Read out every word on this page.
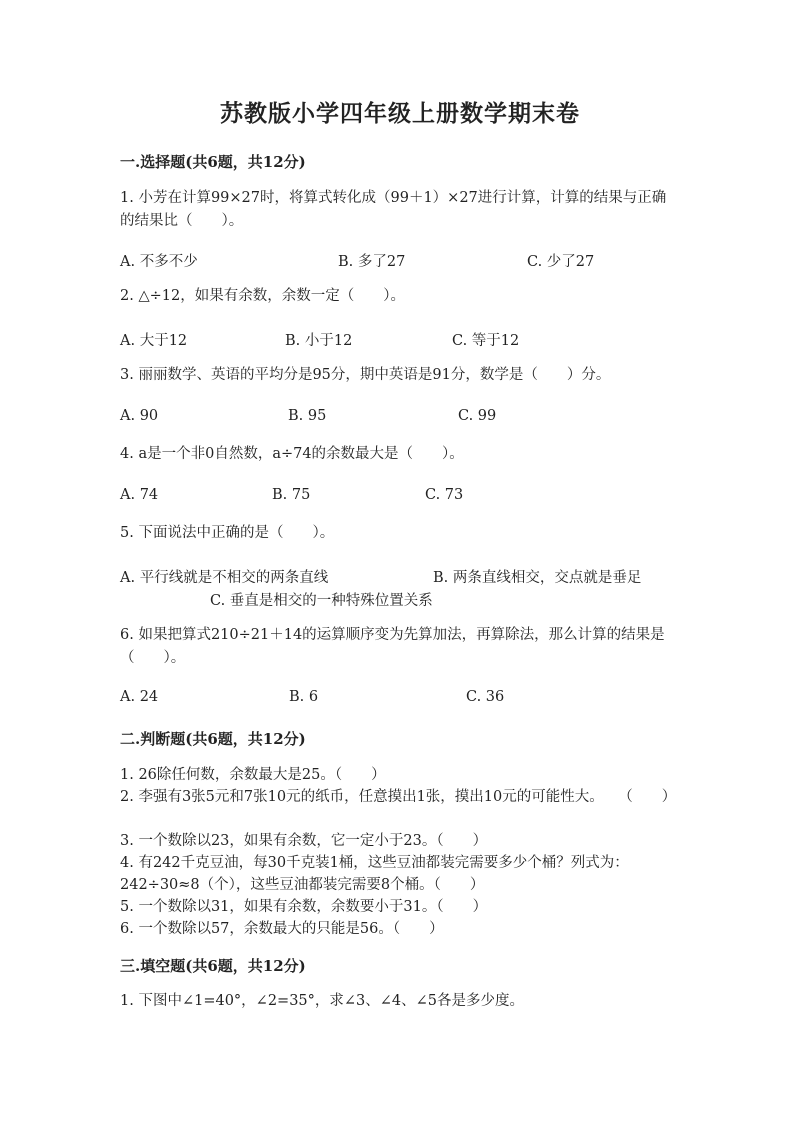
苏教版小学四年级上册数学期末卷
一.选择题(共6题，共12分)
1. 小芳在计算99×27时，将算式转化成（99＋1）×27进行计算，计算的结果与正确的结果比（　　）。
A. 不多不少	B. 多了27	C. 少了27
2. △÷12，如果有余数，余数一定（　　）。
A. 大于12	B. 小于12	C. 等于12
3. 丽丽数学、英语的平均分是95分，期中英语是91分，数学是（　　）分。
A. 90	B. 95	C. 99
4. a是一个非0自然数，a÷74的余数最大是（　　）。
A. 74	B. 75	C. 73
5. 下面说法中正确的是（　　）。
A. 平行线就是不相交的两条直线	B. 两条直线相交，交点就是垂足
C. 垂直是相交的一种特殊位置关系
6. 如果把算式210÷21＋14的运算顺序变为先算加法，再算除法，那么计算的结果是（　　）。
A. 24	B. 6	C. 36
二.判断题(共6题，共12分)
1. 26除任何数，余数最大是25。（　　）
2. 李强有3张5元和7张10元的纸币，任意摸出1张，摸出10元的可能性大。　　（　　）
3. 一个数除以23，如果有余数，它一定小于23。（　　）
4. 有242千克豆油，每30千克装1桶，这些豆油都装完需要多少个桶？列式为：242÷30≈8（个），这些豆油都装完需要8个桶。（　　）
5. 一个数除以31，如果有余数，余数要小于31。（　　）
6. 一个数除以57，余数最大的只能是56。（　　）
三.填空题(共6题，共12分)
1. 下图中∠1=40°，∠2=35°，求∠3、∠4、∠5各是多少度。
